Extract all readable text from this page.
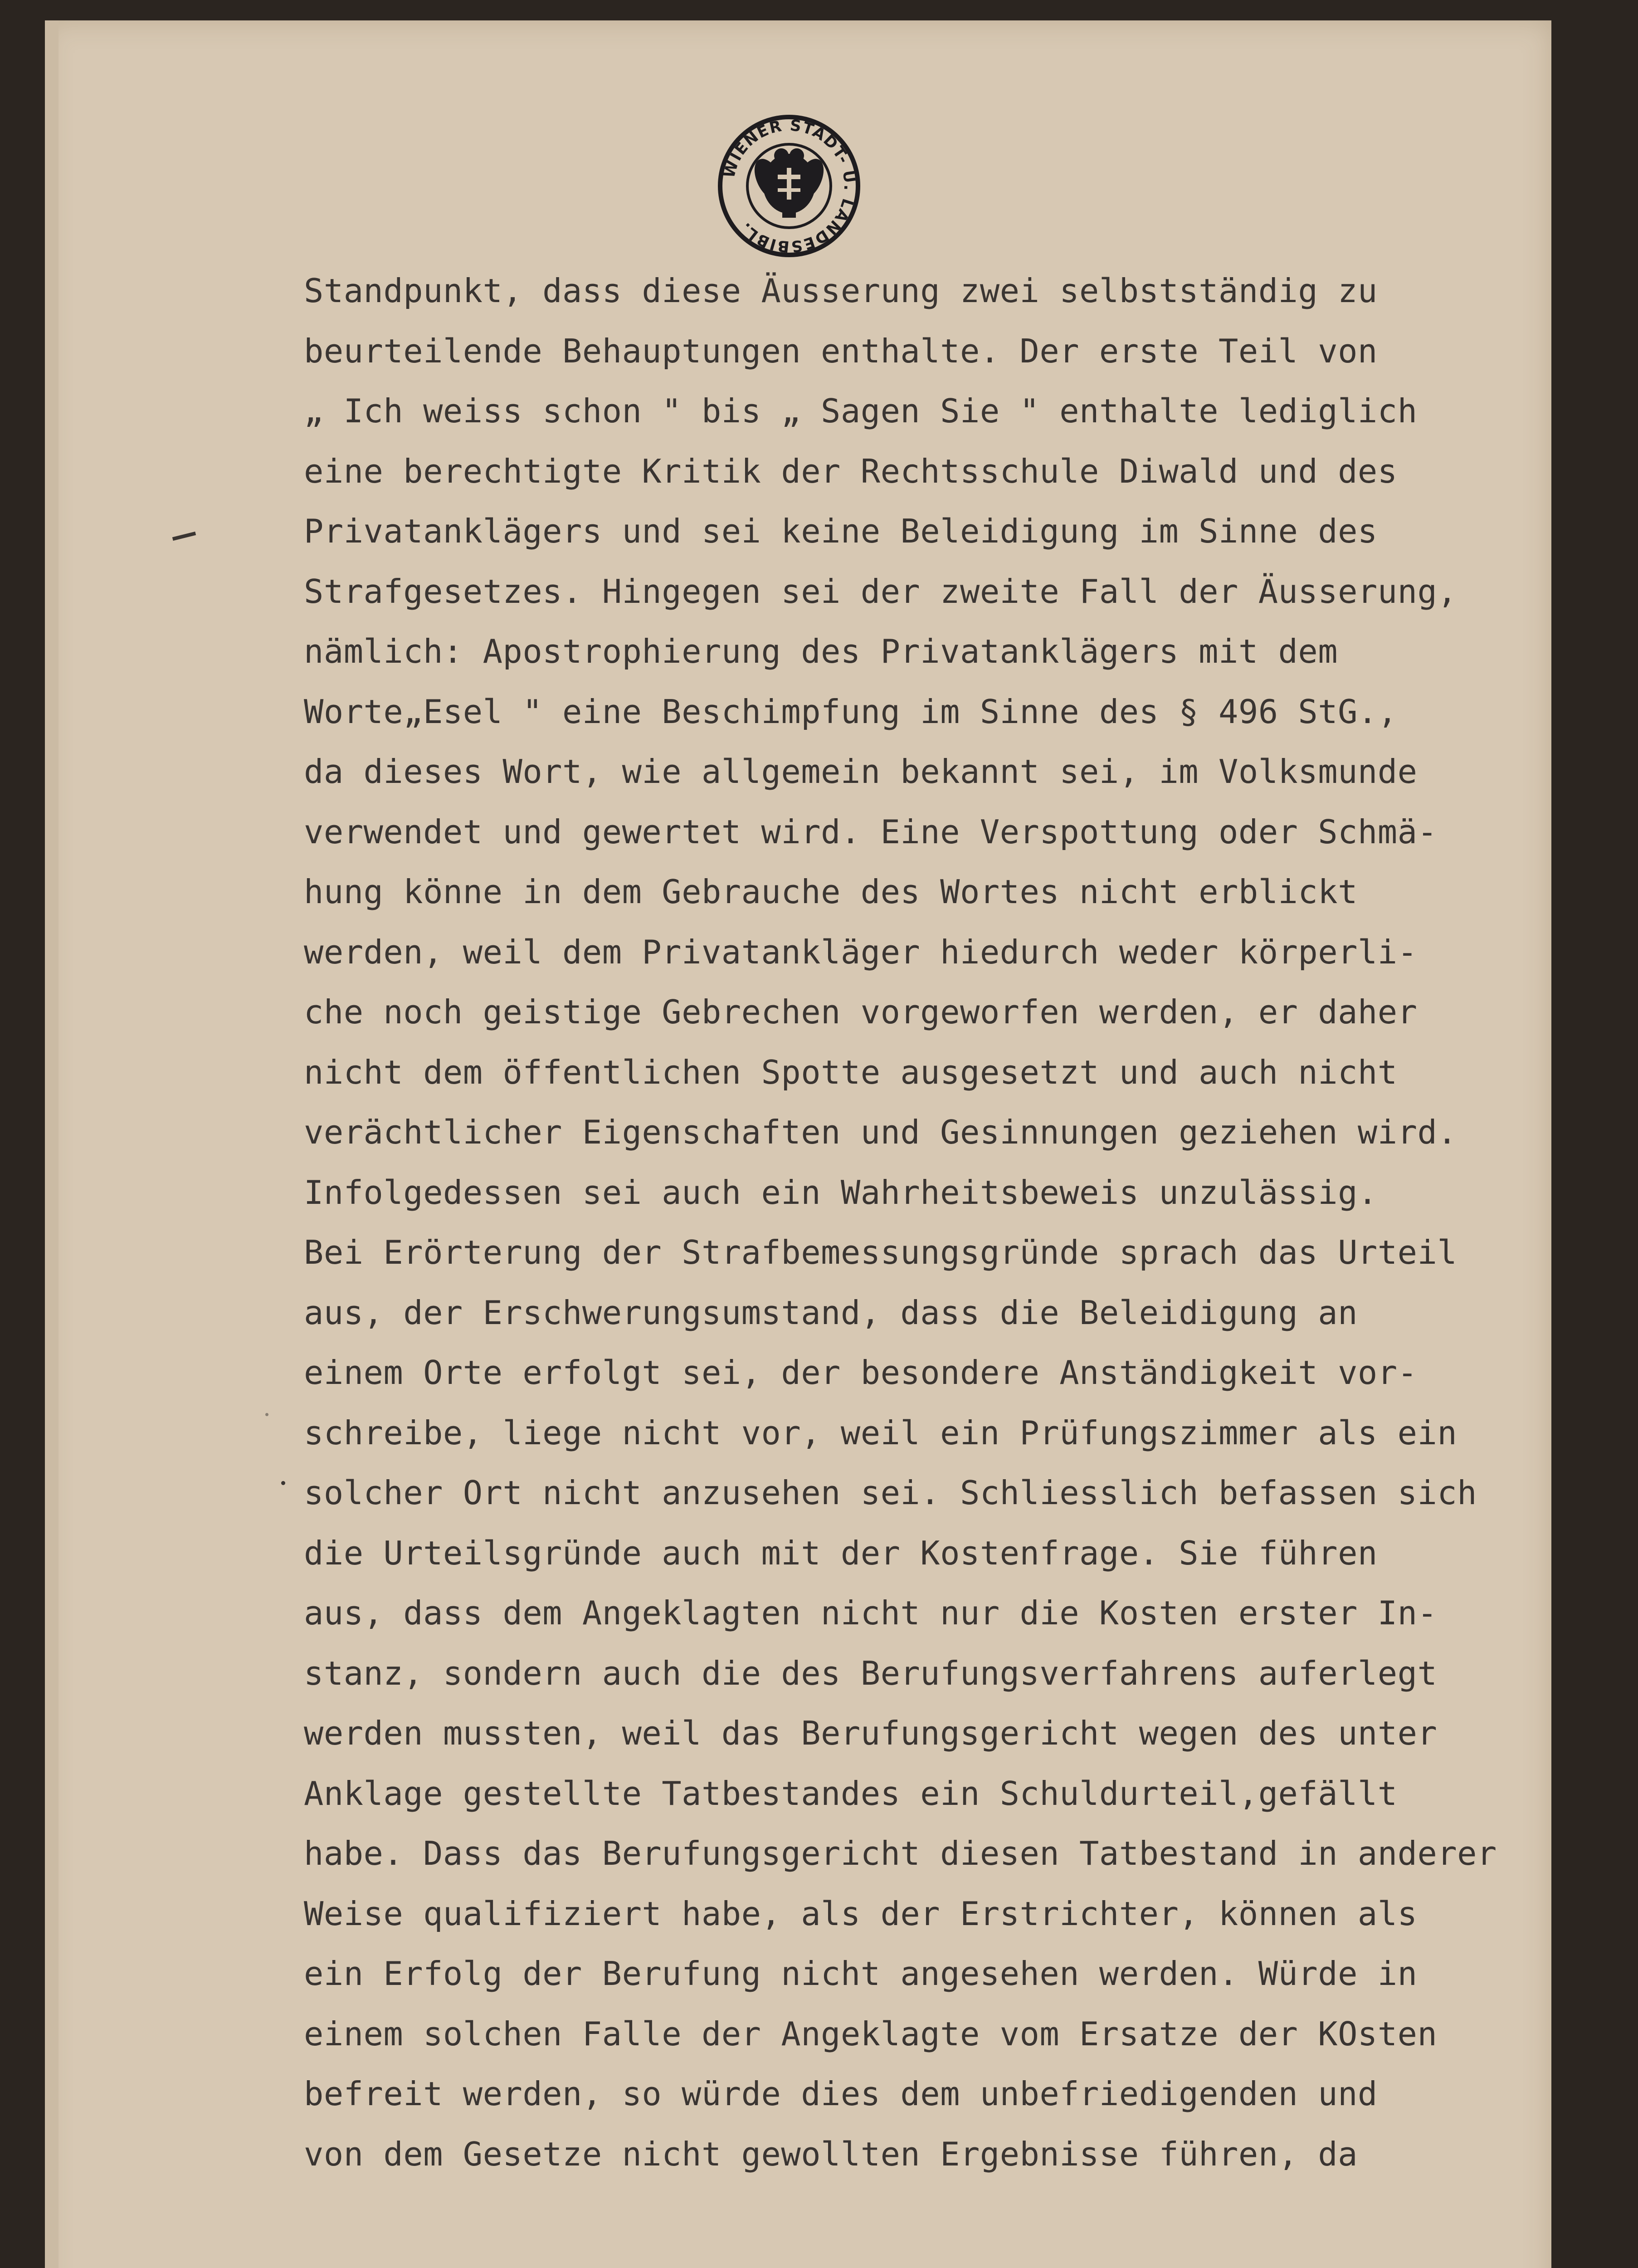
WIENER STADT- U. LANDESBIBL.
Standpunkt, dass diese Äusserung zwei selbstständig zu
beurteilende Behauptungen enthalte. Der erste Teil von
„ Ich weiss schon " bis „ Sagen Sie " enthalte lediglich
eine berechtigte Kritik der Rechtsschule Diwald und des
Privatanklägers und sei keine Beleidigung im Sinne des
Strafgesetzes. Hingegen sei der zweite Fall der Äusserung,
nämlich: Apostrophierung des Privatanklägers mit dem
Worte„Esel " eine Beschimpfung im Sinne des § 496 StG.,
da dieses Wort, wie allgemein bekannt sei, im Volksmunde
verwendet und gewertet wird. Eine Verspottung oder Schmä-
hung könne in dem Gebrauche des Wortes nicht erblickt
werden, weil dem Privatankläger hiedurch weder körperli-
che noch geistige Gebrechen vorgeworfen werden, er daher
nicht dem öffentlichen Spotte ausgesetzt und auch nicht
verächtlicher Eigenschaften und Gesinnungen geziehen wird.
Infolgedessen sei auch ein Wahrheitsbeweis unzulässig.
Bei Erörterung der Strafbemessungsgründe sprach das Urteil
aus, der Erschwerungsumstand, dass die Beleidigung an
einem Orte erfolgt sei, der besondere Anständigkeit vor-
schreibe, liege nicht vor, weil ein Prüfungszimmer als ein
solcher Ort nicht anzusehen sei. Schliesslich befassen sich
die Urteilsgründe auch mit der Kostenfrage. Sie führen
aus, dass dem Angeklagten nicht nur die Kosten erster In-
stanz, sondern auch die des Berufungsverfahrens auferlegt
werden mussten, weil das Berufungsgericht wegen des unter
Anklage gestellte Tatbestandes ein Schuldurteil,gefällt
habe. Dass das Berufungsgericht diesen Tatbestand in anderer
Weise qualifiziert habe, als der Erstrichter, können als
ein Erfolg der Berufung nicht angesehen werden. Würde in
einem solchen Falle der Angeklagte vom Ersatze der KOsten
befreit werden, so würde dies dem unbefriedigenden und
von dem Gesetze nicht gewollten Ergebnisse führen, da
